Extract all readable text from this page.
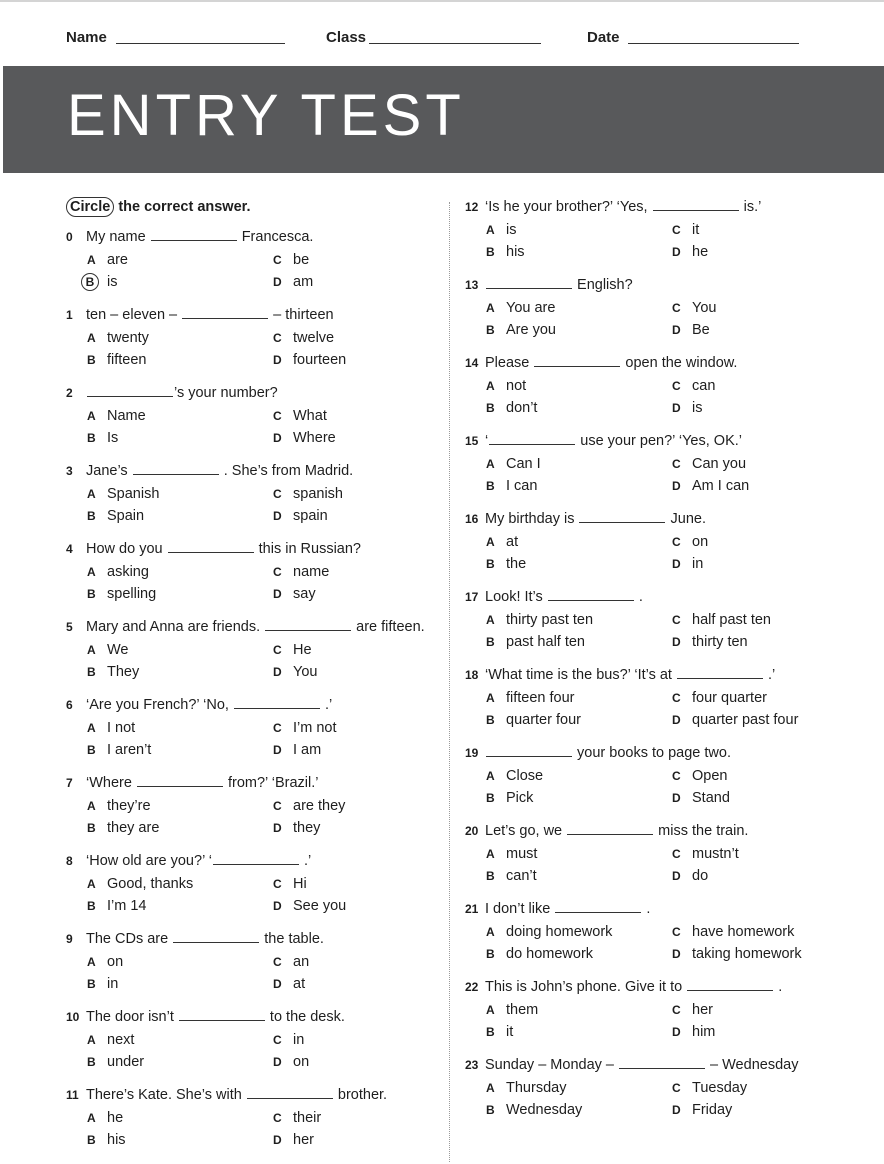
Name	Class	Date
ENTRY TEST
Circle the correct answer.
0 My name	Francesca.
A are	C be
B is	D am
1 ten – eleven –	– thirteen
A twenty	C twelve
B fifteen	D fourteen
2	’s your number?
A Name	C What
B Is	D Where
3 Jane’s	. She’s from Madrid.
A Spanish	C spanish
B Spain	D spain
4 How do you	this in Russian?
A asking	C name
B spelling	D say
5 Mary and Anna are friends.	are fifteen.
A We	C He
B They	D You
6 ‘Are you French?’ ‘No,	.’
A I not	C I’m not
B I aren’t	D I am
7 ‘Where	from?’ ‘Brazil.’
A they’re	C are they
B they are	D they
8 ‘How old are you?’ ‘	.’
A Good, thanks	C Hi
B I’m 14	D See you
9 The CDs are	the table.
A on	C an
B in	D at
10 The door isn’t	to the desk.
A next	C in
B under	D on
11 There’s Kate. She’s with	brother.
A he	C their
B his	D her
12 ‘Is he your brother?’ ‘Yes,	is.’
A is	C it
B his	D he
13	English?
A You are	C You
B Are you	D Be
14 Please	open the window.
A not	C can
B don’t	D is
15 ‘	use your pen?’ ‘Yes, OK.’
A Can I	C Can you
B I can	D Am I can
16 My birthday is	June.
A at	C on
B the	D in
17 Look! It’s	.
A thirty past ten	C half past ten
B past half ten	D thirty ten
18 ‘What time is the bus?’ ‘It’s at	.’
A fifteen four	C four quarter
B quarter four	D quarter past four
19	your books to page two.
A Close	C Open
B Pick	D Stand
20 Let’s go, we	miss the train.
A must	C mustn’t
B can’t	D do
21 I don’t like	.
A doing homework	C have homework
B do homework	D taking homework
22 This is John’s phone. Give it to	.
A them	C her
B it	D him
23 Sunday – Monday –	– Wednesday
A Thursday	C Tuesday
B Wednesday	D Friday
